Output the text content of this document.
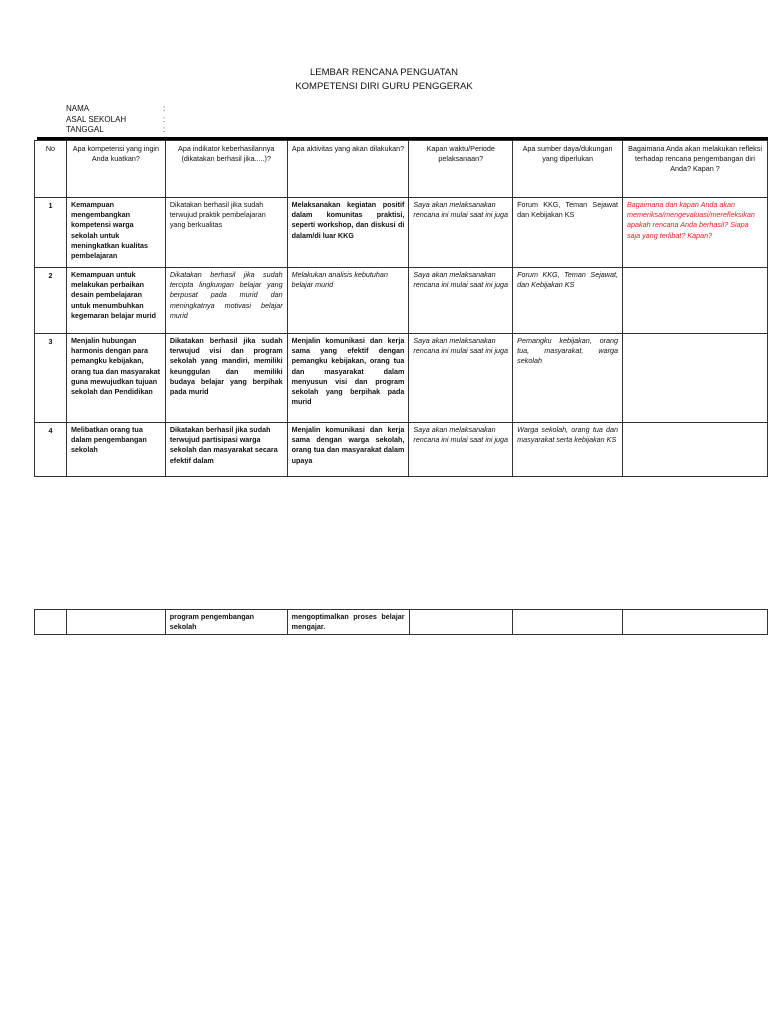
LEMBAR RENCANA PENGUATAN
KOMPETENSI DIRI GURU PENGGERAK
NAMA	:
ASAL SEKOLAH	:
TANGGAL	:
No	Apa kompetensi yang ingin Anda kuatkan?	Apa indikator keberhasilannya (dikatakan berhasil jika.....)?	Apa aktivitas yang akan dilakukan?	Kapan waktu/Periode pelaksanaan?	Apa sumber daya/dukungan yang diperlukan	Bagaimana Anda akan melakukan refleksi terhadap rencana pengembangan diri Anda? Kapan ?
1	Kemampuan mengembangkan kompetensi warga sekolah untuk meningkatkan kualitas pembelajaran	Dikatakan berhasil jika sudah terwujud praktik pembelajaran yang berkualitas	Melaksanakan kegiatan positif dalam komunitas praktisi, seperti workshop, dan diskusi di dalam/di luar KKG	Saya akan melaksanakan rencana ini mulai saat ini juga	Forum KKG, Teman Sejawat dan Kebijakan KS	Bagaimana dan kapan Anda akan memeriksa/mengevaluasi/merefleksikan apakah rencana Anda berhasil? Siapa saja yang terlibat? Kapan?
2	Kemampuan untuk melakukan perbaikan desain pembelajaran untuk menumbuhkan kegemaran belajar murid	Dikatakan berhasil jika sudah tercipta lingkungan belajar yang berpusat pada murid dan meningkatnya motivasi belajar murid	Melakukan analisis kebutuhan belajar murid	Saya akan melaksanakan rencana ini mulai saat ini juga	Forum KKG, Teman Sejawat, dan Kebijakan KS	
3	Menjalin hubungan harmonis dengan para pemangku kebijakan, orang tua dan masyarakat guna mewujudkan tujuan sekolah dan Pendidikan	Dikatakan berhasil jika sudah terwujud visi dan program sekolah yang mandiri, memiliki keunggulan dan memiliki budaya belajar yang berpihak pada murid	Menjalin komunikasi dan kerja sama yang efektif dengan pemangku kebijakan, orang tua dan masyarakat dalam menyusun visi dan program sekolah yang berpihak pada murid	Saya akan melaksanakan rencana ini mulai saat ini juga	Pemangku kebijakan, orang tua, masyarakat, warga sekolah	
4	Melibatkan orang tua dalam pengembangan sekolah	Dikatakan berhasil jika sudah terwujud partisipasi warga sekolah dan masyarakat secara efektif dalam	Menjalin komunikasi dan kerja sama dengan warga sekolah, orang tua dan masyarakat dalam upaya	Saya akan melaksanakan rencana ini mulai saat ini juga	Warga sekolah, orang tua dan masyarakat serta kebijakan KS	
		program pengembangan sekolah	mengoptimalkan proses belajar mengajar.			
